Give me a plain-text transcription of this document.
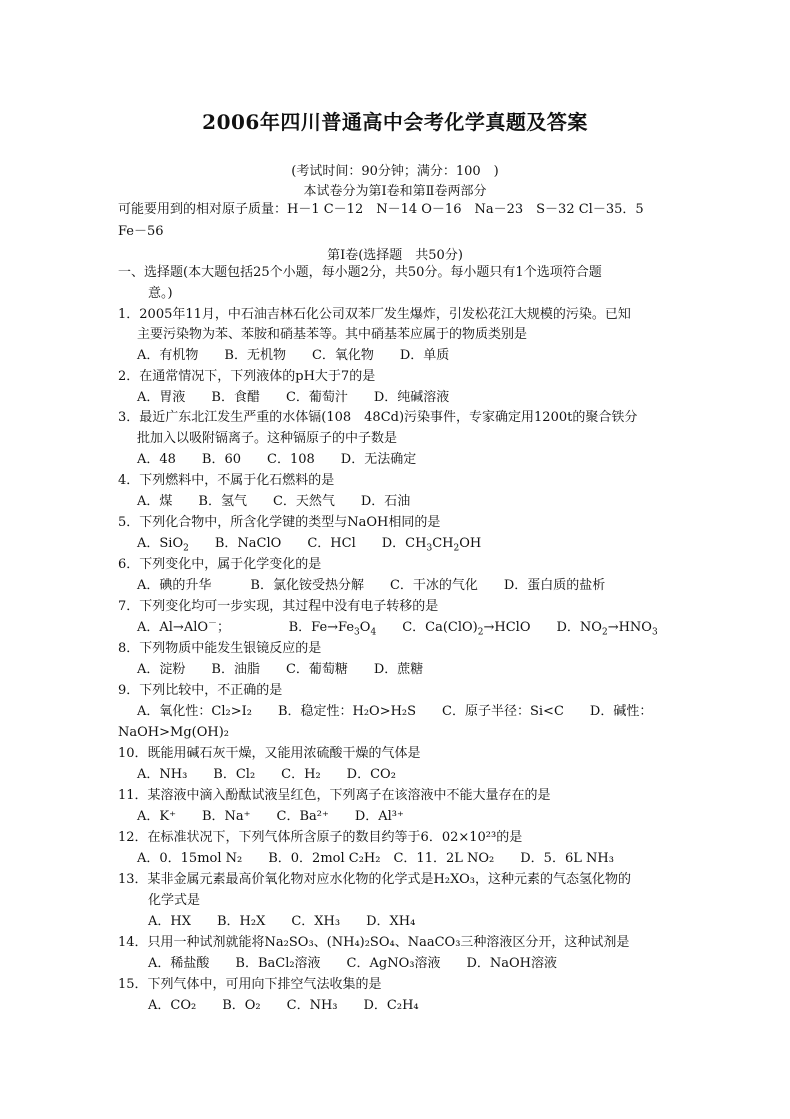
2006年四川普通高中会考化学真题及答案
(考试时间：90分钟；满分：100　)
本试卷分为第Ⅰ卷和第Ⅱ卷两部分
可能要用到的相对原子质量：H－1 C－12　N－14 O－16　Na－23　S－32 Cl－35．5
Fe－56
第Ⅰ卷(选择题　共50分)
一、选择题(本大题包括25个小题，每小题2分，共50分。每小题只有1个选项符合题
意。)
1．2005年11月，中石油吉林石化公司双苯厂发生爆炸，引发松花江大规模的污染。已知
主要污染物为苯、苯胺和硝基苯等。其中硝基苯应属于的物质类别是
A．有机物　　B．无机物　　C．氧化物　　D．单质
2．在通常情况下，下列液体的pH大于7的是
A．胃液　　B．食醋　　C．葡萄汁　　D．纯碱溶液
3．最近广东北江发生严重的水体镉(108　48Cd)污染事件，专家确定用1200t的聚合铁分
批加入以吸附镉离子。这种镉原子的中子数是
A．48　　B．60　　C．108　　D．无法确定
4．下列燃料中，不属于化石燃料的是
A．煤　　B．氢气　　C．天然气　　D．石油
5．下列化合物中，所含化学键的类型与NaOH相同的是
A．SiO$_2$　　 B．NaClO　　 C．HCl　　 D．$CH_3CH_2OH$
6．下列变化中，属于化学变化的是
A．碘的升华　　　B．氯化铵受热分解　　C．干冰的气化　　D．蛋白质的盐析
7．下列变化均可一步实现，其过程中没有电子转移的是
A．Al→AlO－；　　　　　	B．$Fe\to Fe_3O_4$　　 C．$Ca(ClO)_2\to HClO$　　 D．$NO_2\to HNO_3$
8．下列物质中能发生银镜反应的是
A．淀粉　　B．油脂　　C．葡萄糖　　D．蔗糖
9．下列比较中，不正确的是
A．氧化性：Cl₂>I₂　　B．稳定性：H₂O>H₂S　　C．原子半径：Si<C　　D．碱性：
NaOH>Mg(OH)₂
10．既能用碱石灰干燥，又能用浓硫酸干燥的气体是
A．NH₃　　B．Cl₂　　C．H₂　　D．CO₂
11．某溶液中滴入酚酞试液呈红色，下列离子在该溶液中不能大量存在的是
A．K⁺　　B．Na⁺　　C．Ba²⁺　　D．Al³⁺
12．在标准状况下，下列气体所含原子的数目约等于6．02×10²³的是
A．0．15mol N₂　　B．0．2mol C₂H₂　C．11．2L NO₂　　D．5．6L NH₃
13．某非金属元素最高价氧化物对应水化物的化学式是H₂XO₃，这种元素的气态氢化物的
化学式是
A．HX　　B．H₂X　　C．XH₃　　D．XH₄
14．只用一种试剂就能将Na₂SO₃、(NH₄)₂SO₄、NaaCO₃三种溶液区分开，这种试剂是
A．稀盐酸　　B．BaCl₂溶液　　C．AgNO₃溶液　　D．NaOH溶液
15．下列气体中，可用向下排空气法收集的是
A．CO₂　　B．O₂　　C．NH₃　　D．C₂H₄
